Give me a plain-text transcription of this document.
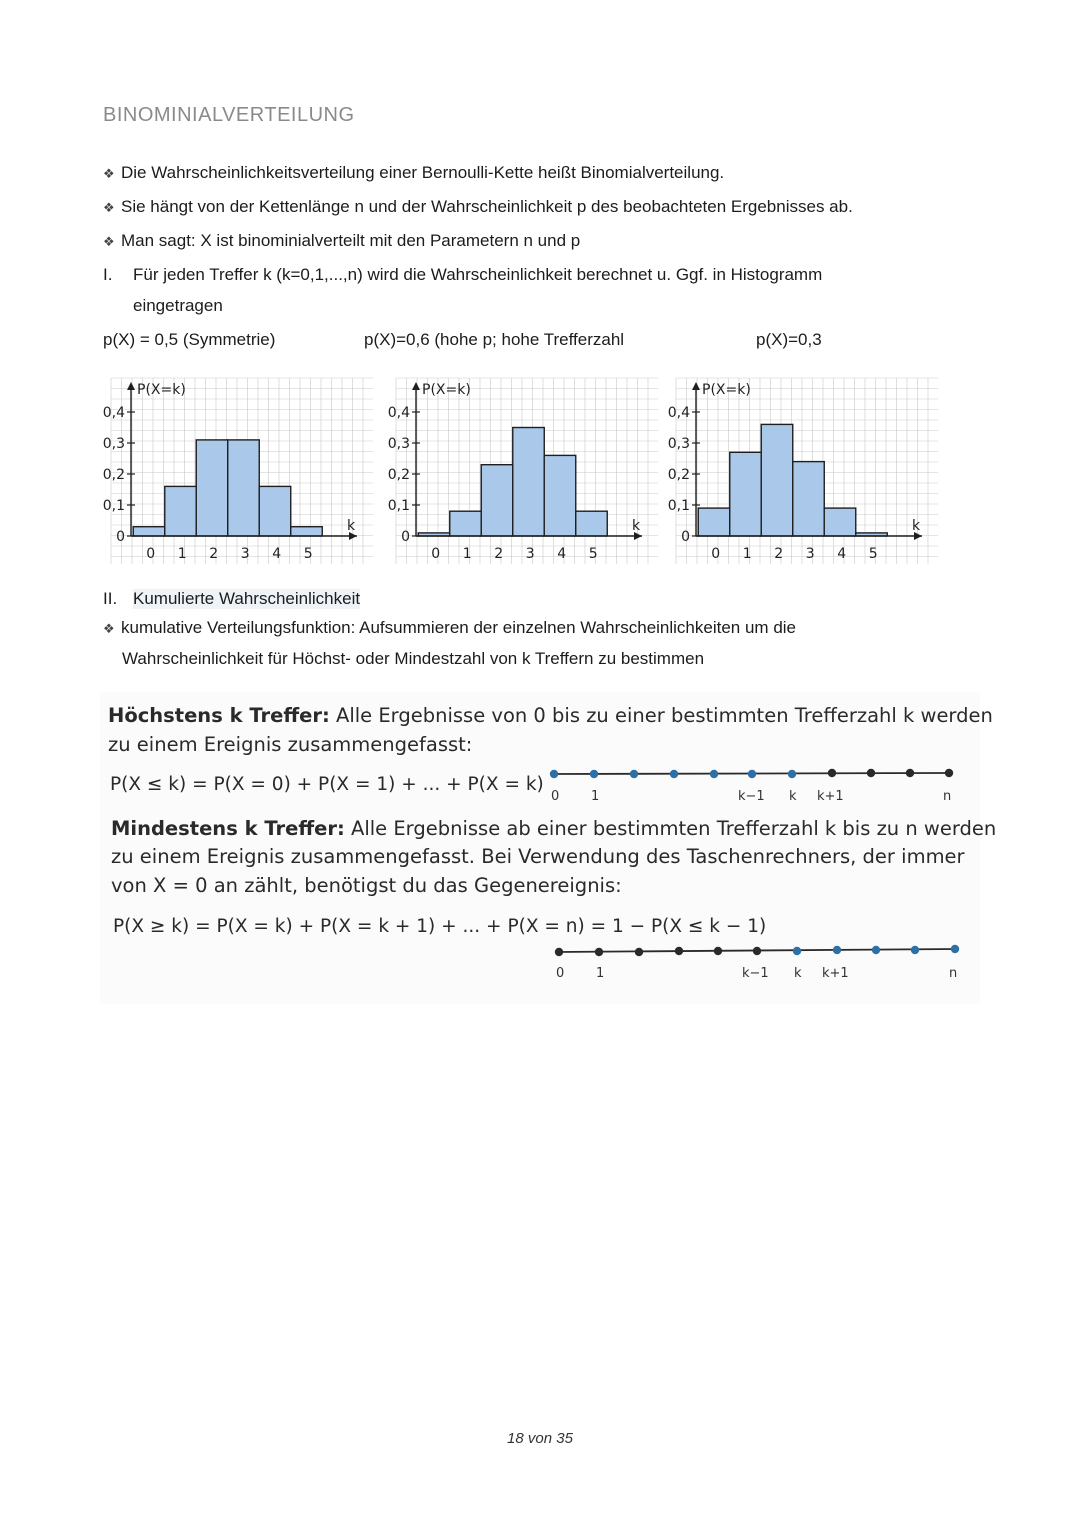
BINOMINIALVERTEILUNG
❖ Die Wahrscheinlichkeitsverteilung einer Bernoulli-Kette heißt Binomialverteilung.
❖ Sie hängt von der Kettenlänge n und der Wahrscheinlichkeit p des beobachteten Ergebnisses ab.
❖ Man sagt: X ist binominialverteilt mit den Parametern n und p
I. Für jeden Treffer k (k=0,1,...,n) wird die Wahrscheinlichkeit berechnet u. Ggf. in Histogramm
eingetragen
p(X) = 0,5 (Symmetrie)	p(X)=0,6 (hohe p; hohe Trefferzahl	p(X)=0,3
0
0,1
0,2
0,3
0,4
0 1 2 3 4 5
P(X=k)
k
0
0,1
0,2
0,3
0,4
0 1 2 3 4 5
P(X=k)
k
0
0,1
0,2
0,3
0,4
0 1 2 3 4 5
P(X=k)
k
II. Kumulierte Wahrscheinlichkeit
❖ kumulative Verteilungsfunktion: Aufsummieren der einzelnen Wahrscheinlichkeiten um die
Wahrscheinlichkeit für Höchst- oder Mindestzahl von k Treffern zu bestimmen
Höchstens k Treffer: Alle Ergebnisse von 0 bis zu einer bestimmten Trefferzahl k werden
zu einem Ereignis zusammengefasst:
P(X ≤ k) = P(X = 0) + P(X = 1) + ... + P(X = k)
0 1	k−1 k k+1	n
Mindestens k Treffer: Alle Ergebnisse ab einer bestimmten Trefferzahl k bis zu n werden
zu einem Ereignis zusammengefasst. Bei Verwendung des Taschenrechners, der immer
von X = 0 an zählt, benötigst du das Gegenereignis:
P(X ≥ k) = P(X = k) + P(X = k + 1) + ... + P(X = n) = 1 − P(X ≤ k − 1)
0 1	k−1 k k+1	n
18 von 35
